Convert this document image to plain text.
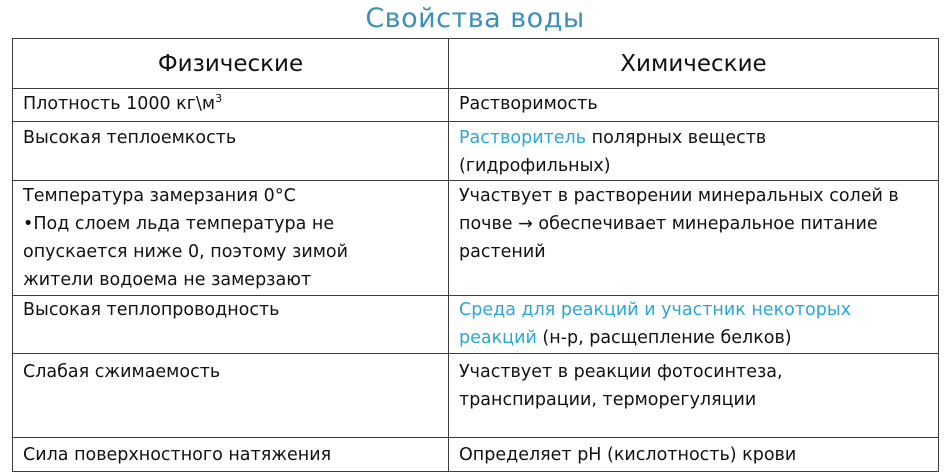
Свойства воды
Физические	Химические
Плотность 1000 $кг\backslash м^3$	Растворимость
Высокая теплоемкость	Растворитель полярных веществ
(гидрофильных)
Температура замерзания 0°С
•Под слоем льда температура не
опускается ниже 0, поэтому зимой
жители водоема не замерзают	Участвует в растворении минеральных солей в
почве → обеспечивает минеральное питание
растений
Высокая теплопроводность	Среда для реакций и участник некоторых
реакций (н-р, расщепление белков)
Слабая сжимаемость	Участвует в реакции фотосинтеза,
транспирации, терморегуляции
Сила поверхностного натяжения	Определяет рН (кислотность) крови
